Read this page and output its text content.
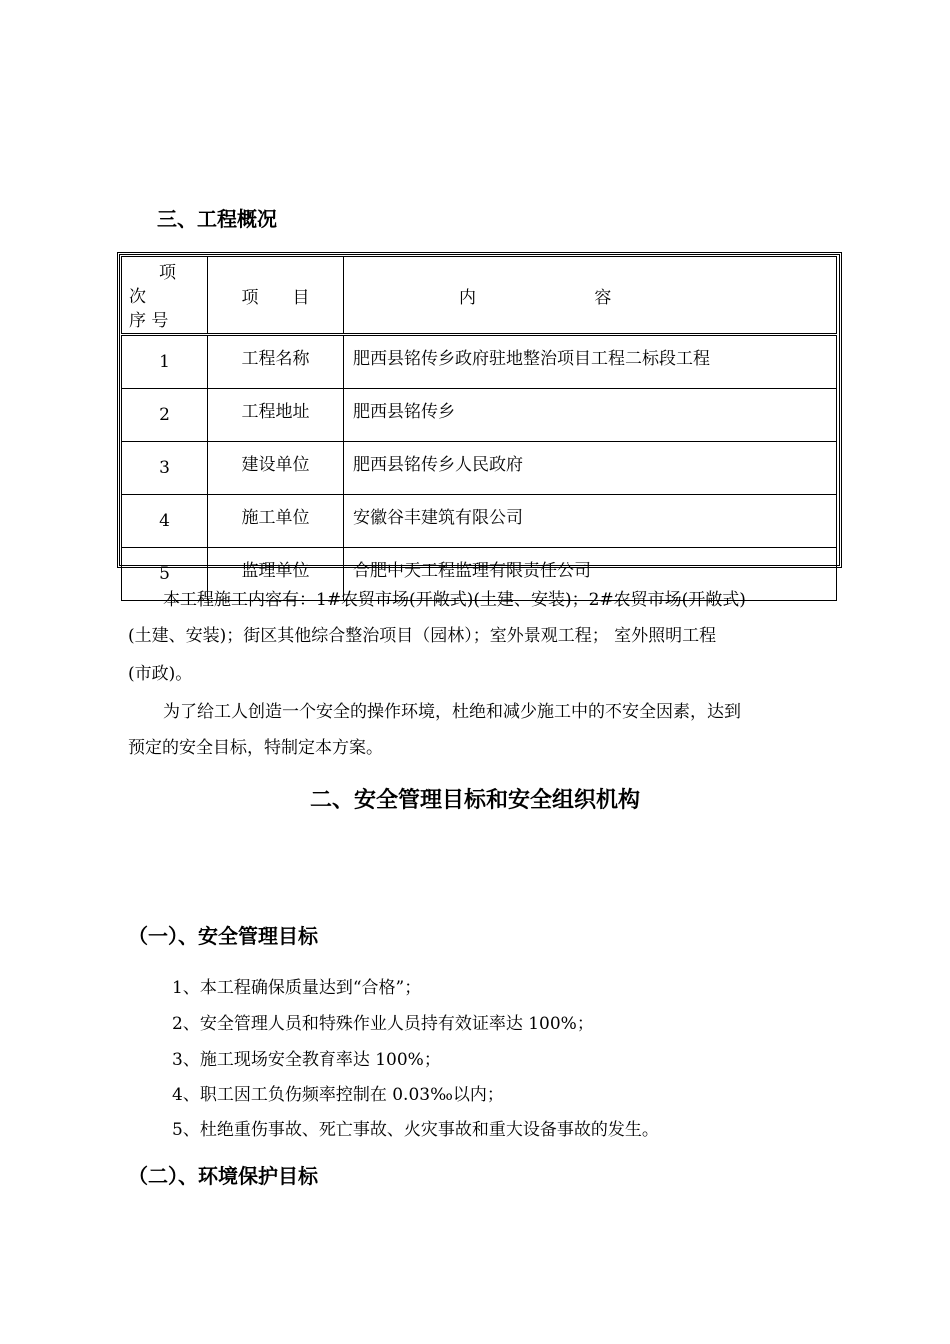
三、工程概况
项
次
序 号	项　　目	内 容
1	工程名称	肥西县铭传乡政府驻地整治项目工程二标段工程
2	工程地址	肥西县铭传乡
3	建设单位	肥西县铭传乡人民政府
4	施工单位	安徽谷丰建筑有限公司
5	监理单位	合肥中天工程监理有限责任公司
本工程施工内容有：1#农贸市场(开敞式)(土建、安装)；2#农贸市场(开敞式)
(土建、安装)；街区其他综合整治项目（园林）；室外景观工程； 室外照明工程
(市政)。
为了给工人创造一个安全的操作环境，杜绝和减少施工中的不安全因素，达到
预定的安全目标，特制定本方案。
二、安全管理目标和安全组织机构
（一）、安全管理目标
1、本工程确保质量达到“合格”；
2、安全管理人员和特殊作业人员持有效证率达 100%；
3、施工现场安全教育率达 100%；
4、职工因工负伤频率控制在 0.03‰以内；
5、杜绝重伤事故、死亡事故、火灾事故和重大设备事故的发生。
（二）、环境保护目标
